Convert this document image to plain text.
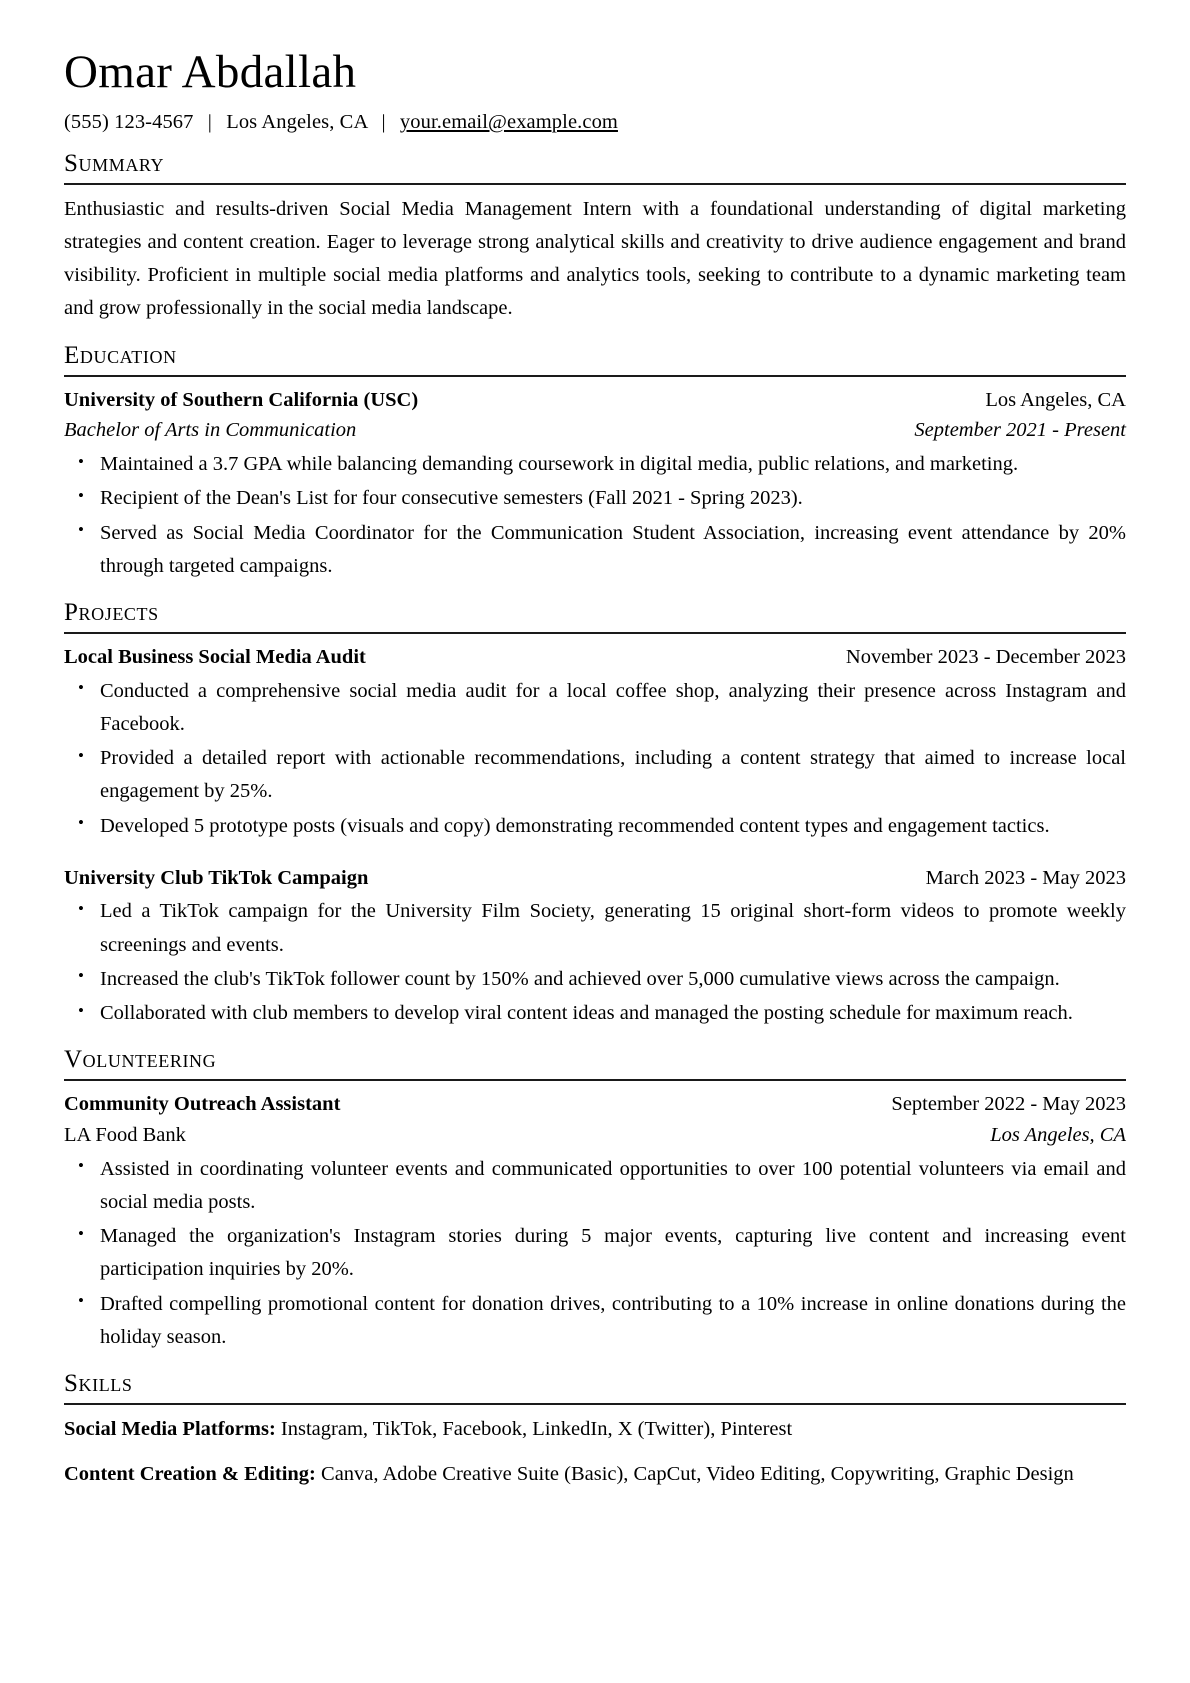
Omar Abdallah
(555) 123-4567 | Los Angeles, CA | your.email@example.com
Summary

Enthusiastic and results-driven Social Media Management Intern with a foundational understanding of digital marketing strategies and content creation. Eager to leverage strong analytical skills and creativity to drive audience engagement and brand visibility. Proficient in multiple social media platforms and analytics tools, seeking to contribute to a dynamic marketing team and grow professionally in the social media landscape.

Education
University of Southern California (USC)	Los Angeles, CA
Bachelor of Arts in Communication	September 2021 - Present
• Maintained a 3.7 GPA while balancing demanding coursework in digital media, public relations, and marketing.
• Recipient of the Dean's List for four consecutive semesters (Fall 2021 - Spring 2023).
• Served as Social Media Coordinator for the Communication Student Association, increasing event attendance by 20% through targeted campaigns.
Projects
Local Business Social Media Audit	November 2023 - December 2023
• Conducted a comprehensive social media audit for a local coffee shop, analyzing their presence across Instagram and Facebook.
• Provided a detailed report with actionable recommendations, including a content strategy that aimed to increase local engagement by 25%.
• Developed 5 prototype posts (visuals and copy) demonstrating recommended content types and engagement tactics.
University Club TikTok Campaign	March 2023 - May 2023
• Led a TikTok campaign for the University Film Society, generating 15 original short-form videos to promote weekly screenings and events.
• Increased the club's TikTok follower count by 150% and achieved over 5,000 cumulative views across the campaign.
• Collaborated with club members to develop viral content ideas and managed the posting schedule for maximum reach.
Volunteering
Community Outreach Assistant	September 2022 - May 2023
LA Food Bank	Los Angeles, CA
• Assisted in coordinating volunteer events and communicated opportunities to over 100 potential volunteers via email and social media posts.
• Managed the organization's Instagram stories during 5 major events, capturing live content and increasing event participation inquiries by 20%.
• Drafted compelling promotional content for donation drives, contributing to a 10% increase in online donations during the holiday season.
Skills

Social Media Platforms: Instagram, TikTok, Facebook, LinkedIn, X (Twitter), Pinterest

Content Creation & Editing: Canva, Adobe Creative Suite (Basic), CapCut, Video Editing, Copywriting, Graphic Design
